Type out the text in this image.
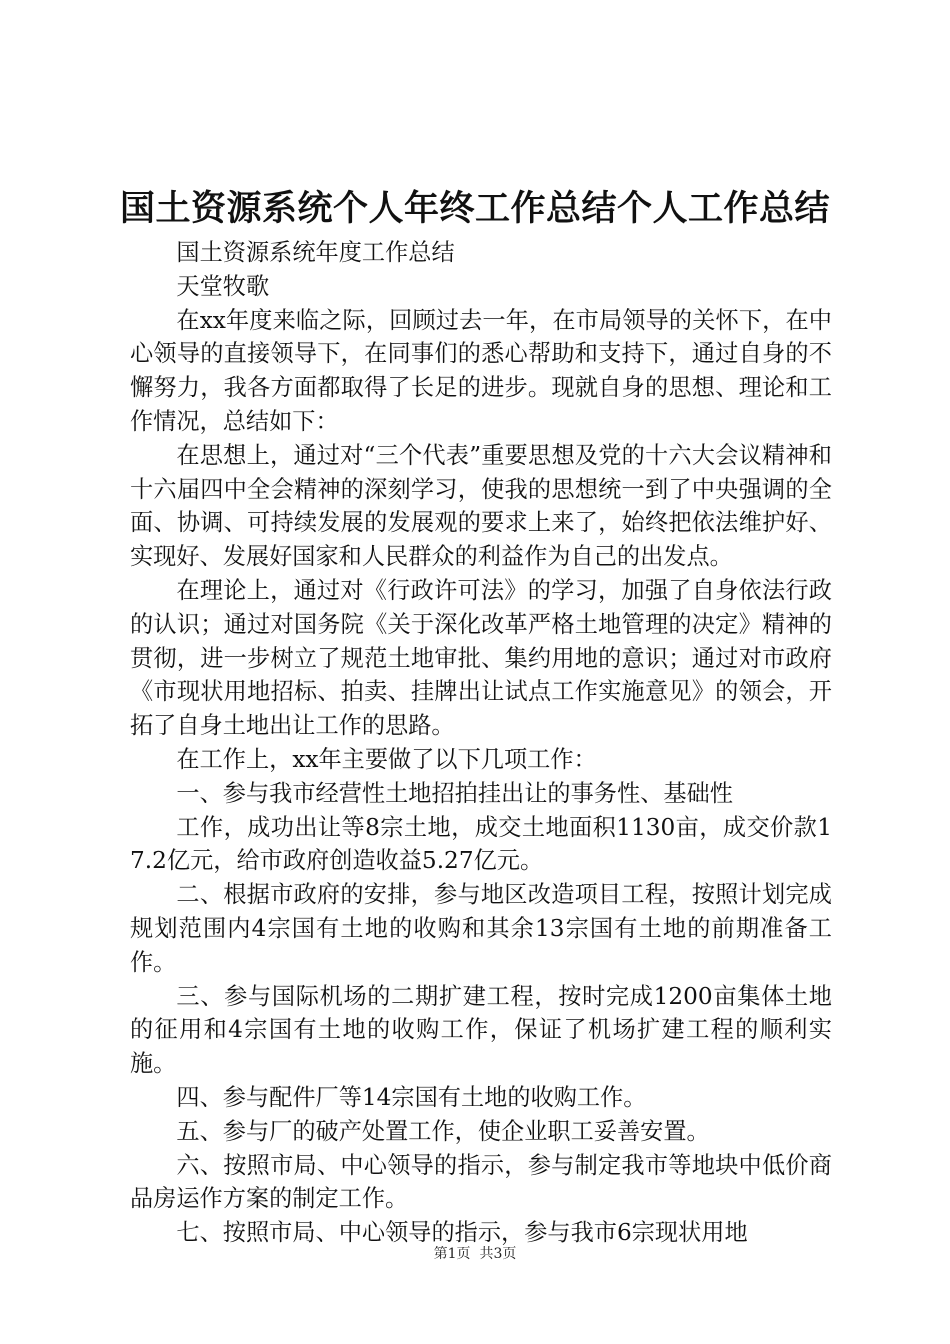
国土资源系统个人年终工作总结个人工作总结

国土资源系统年度工作总结

天堂牧歌

在xx年度来临之际，回顾过去一年，在市局领导的关怀下，在中心领导的直接领导下，在同事们的悉心帮助和支持下，通过自身的不懈努力，我各方面都取得了长足的进步。现就自身的思想、理论和工作情况，总结如下：

在思想上，通过对“三个代表”重要思想及党的十六大会议精神和十六届四中全会精神的深刻学习，使我的思想统一到了中央强调的全面、协调、可持续发展的发展观的要求上来了，始终把依法维护好、实现好、发展好国家和人民群众的利益作为自己的出发点。

在理论上，通过对《行政许可法》的学习，加强了自身依法行政的认识；通过对国务院《关于深化改革严格土地管理的决定》精神的贯彻，进一步树立了规范土地审批、集约用地的意识；通过对市政府《市现状用地招标、拍卖、挂牌出让试点工作实施意见》的领会，开拓了自身土地出让工作的思路。

在工作上，xx年主要做了以下几项工作：

一、参与我市经营性土地招拍挂出让的事务性、基础性

工作，成功出让等8宗土地，成交土地面积1130亩，成交价款17.2亿元，给市政府创造收益5.27亿元。

二、根据市政府的安排，参与地区改造项目工程，按照计划完成规划范围内4宗国有土地的收购和其余13宗国有土地的前期准备工作。

三、参与国际机场的二期扩建工程，按时完成1200亩集体土地的征用和4宗国有土地的收购工作，保证了机场扩建工程的顺利实施。

四、参与配件厂等14宗国有土地的收购工作。

五、参与厂的破产处置工作，使企业职工妥善安置。

六、按照市局、中心领导的指示，参与制定我市等地块中低价商品房运作方案的制定工作。

七、按照市局、中心领导的指示，参与我市6宗现状用地

第1页 共3页
